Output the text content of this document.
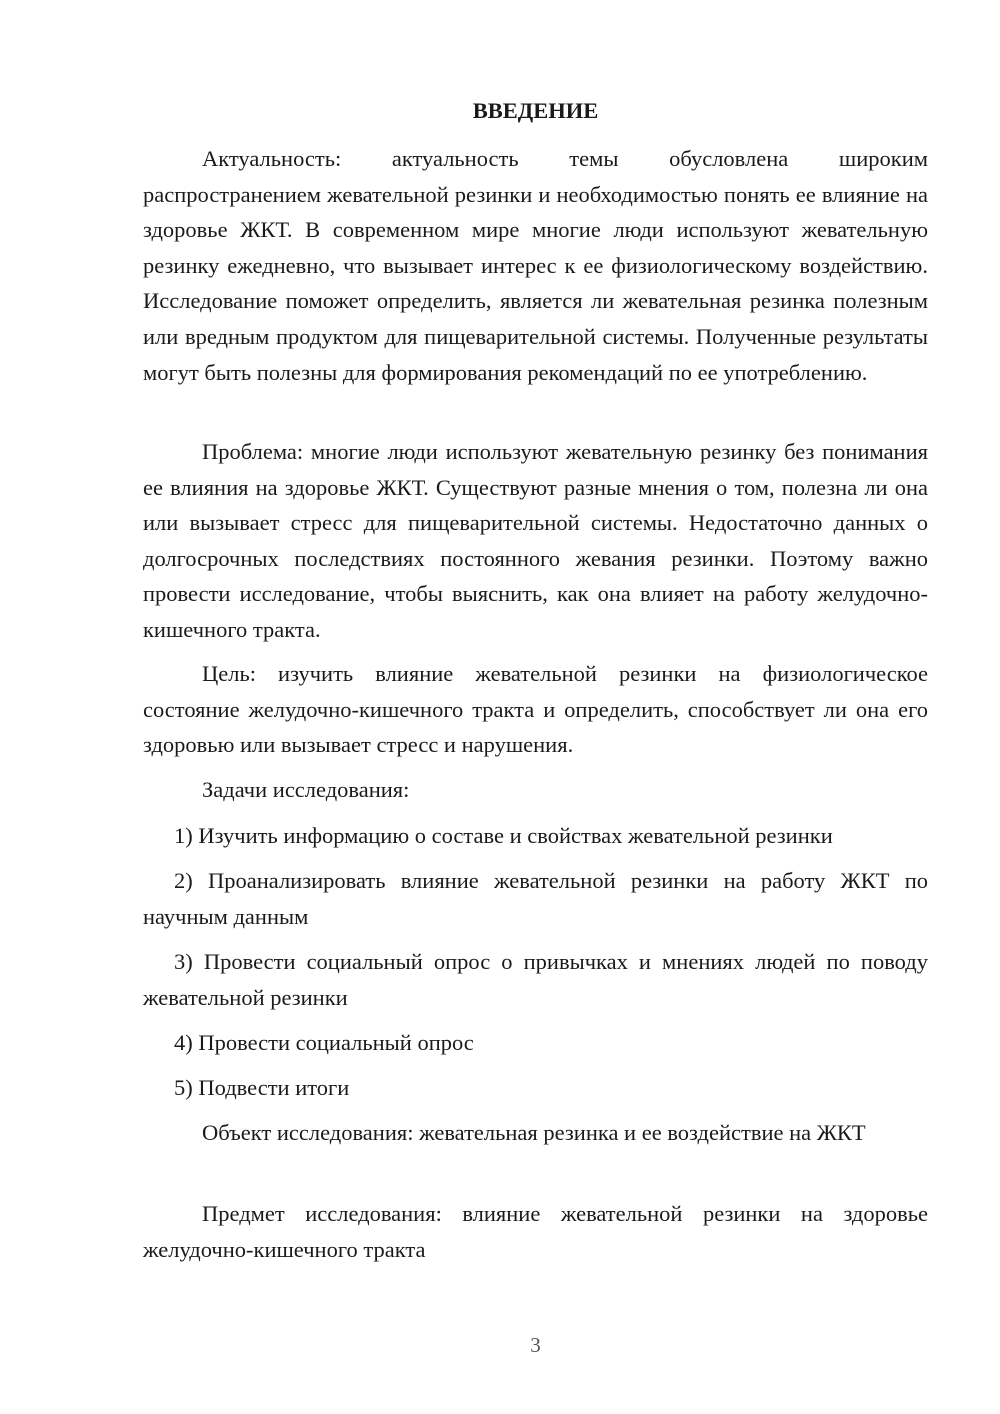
ВВЕДЕНИЕ

Актуальность: актуальность темы обусловлена широким распространением жевательной резинки и необходимостью понять ее влияние на здоровье ЖКТ. В современном мире многие люди используют жевательную резинку ежедневно, что вызывает интерес к ее физиологическому воздействию. Исследование поможет определить, является ли жевательная резинка полезным или вредным продуктом для пищеварительной системы. Полученные результаты могут быть полезны для формирования рекомендаций по ее употреблению.

Проблема: многие люди используют жевательную резинку без понимания ее влияния на здоровье ЖКТ. Существуют разные мнения о том, полезна ли она или вызывает стресс для пищеварительной системы. Недостаточно данных о долгосрочных последствиях постоянного жевания резинки. Поэтому важно провести исследование, чтобы выяснить, как она влияет на работу желудочно-кишечного тракта.

Цель: изучить влияние жевательной резинки на физиологическое состояние желудочно-кишечного тракта и определить, способствует ли она его здоровью или вызывает стресс и нарушения.

Задачи исследования:

1) Изучить информацию о составе и свойствах жевательной резинки

2) Проанализировать влияние жевательной резинки на работу ЖКТ по научным данным

3) Провести социальный опрос о привычках и мнениях людей по поводу жевательной резинки

4) Провести социальный опрос

5) Подвести итоги

Объект исследования: жевательная резинка и ее воздействие на ЖКТ

Предмет исследования: влияние жевательной резинки на здоровье желудочно-кишечного тракта

3
